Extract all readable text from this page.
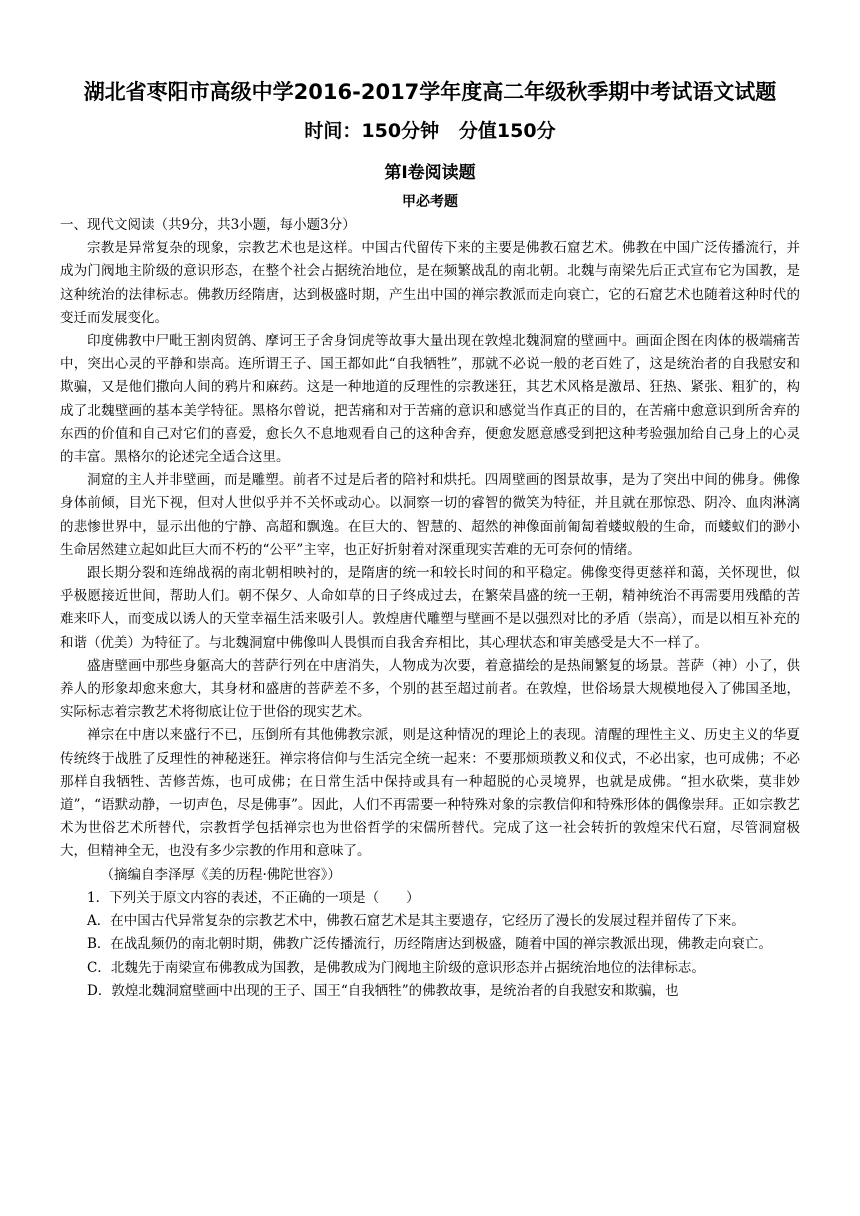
湖北省枣阳市高级中学2016-2017学年度高二年级秋季期中考试语文试题
时间：150分钟   分值150分
第Ⅰ卷阅读题
甲必考题

一、现代文阅读（共9分，共3小题，每小题3分）

宗教是异常复杂的现象，宗教艺术也是这样。中国古代留传下来的主要是佛教石窟艺术。佛教在中国广泛传播流行，并成为门阀地主阶级的意识形态，在整个社会占据统治地位，是在频繁战乱的南北朝。北魏与南梁先后正式宣布它为国教，是这种统治的法律标志。佛教历经隋唐，达到极盛时期，产生出中国的禅宗教派而走向衰亡，它的石窟艺术也随着这种时代的变迁而发展变化。

印度佛教中尸毗王割肉贸鸽、摩诃王子舍身饲虎等故事大量出现在敦煌北魏洞窟的壁画中。画面企图在肉体的极端痛苦中，突出心灵的平静和崇高。连所谓王子、国王都如此“自我牺牲”，那就不必说一般的老百姓了，这是统治者的自我慰安和欺骗，又是他们撒向人间的鸦片和麻药。这是一种地道的反理性的宗教迷狂，其艺术风格是激昂、狂热、紧张、粗犷的，构成了北魏壁画的基本美学特征。黑格尔曾说，把苦痛和对于苦痛的意识和感觉当作真正的目的，在苦痛中愈意识到所舍弃的东西的价值和自己对它们的喜爱，愈长久不息地观看自己的这种舍弃，便愈发愿意感受到把这种考验强加给自己身上的心灵的丰富。黑格尔的论述完全适合这里。

洞窟的主人并非壁画，而是雕塑。前者不过是后者的陪衬和烘托。四周壁画的图景故事，是为了突出中间的佛身。佛像身体前倾，目光下视，但对人世似乎并不关怀或动心。以洞察一切的睿智的微笑为特征，并且就在那惊恐、阴冷、血肉淋漓的悲惨世界中，显示出他的宁静、高超和飘逸。在巨大的、智慧的、超然的神像面前匍匐着蝼蚁般的生命，而蝼蚁们的渺小生命居然建立起如此巨大而不朽的“公平”主宰，也正好折射着对深重现实苦难的无可奈何的情绪。

跟长期分裂和连绵战祸的南北朝相映衬的，是隋唐的统一和较长时间的和平稳定。佛像变得更慈祥和蔼，关怀现世，似乎极愿接近世间，帮助人们。朝不保夕、人命如草的日子终成过去，在繁荣昌盛的统一王朝，精神统治不再需要用残酷的苦难来吓人，而变成以诱人的天堂幸福生活来吸引人。敦煌唐代雕塑与壁画不是以强烈对比的矛盾（崇高），而是以相互补充的和谐（优美）为特征了。与北魏洞窟中佛像叫人畏惧而自我舍弃相比，其心理状态和审美感受是大不一样了。

盛唐壁画中那些身躯高大的菩萨行列在中唐消失，人物成为次要，着意描绘的是热闹繁复的场景。菩萨（神）小了，供养人的形象却愈来愈大，其身材和盛唐的菩萨差不多，个别的甚至超过前者。在敦煌，世俗场景大规模地侵入了佛国圣地，实际标志着宗教艺术将彻底让位于世俗的现实艺术。

禅宗在中唐以来盛行不已，压倒所有其他佛教宗派，则是这种情况的理论上的表现。清醒的理性主义、历史主义的华夏传统终于战胜了反理性的神秘迷狂。禅宗将信仰与生活完全统一起来：不要那烦琐教义和仪式，不必出家，也可成佛；不必那样自我牺牲、苦修苦炼，也可成佛；在日常生活中保持或具有一种超脱的心灵境界，也就是成佛。“担水砍柴，莫非妙道”，“语默动静，一切声色，尽是佛事”。因此，人们不再需要一种特殊对象的宗教信仰和特殊形体的偶像崇拜。正如宗教艺术为世俗艺术所替代，宗教哲学包括禅宗也为世俗哲学的宋儒所替代。完成了这一社会转折的敦煌宋代石窟，尽管洞窟极大，但精神全无，也没有多少宗教的作用和意味了。

（摘编自李泽厚《美的历程·佛陀世容》）

1．下列关于原文内容的表述，不正确的一项是（　　）

A．在中国古代异常复杂的宗教艺术中，佛教石窟艺术是其主要遗存，它经历了漫长的发展过程并留传了下来。

B．在战乱频仍的南北朝时期，佛教广泛传播流行，历经隋唐达到极盛，随着中国的禅宗教派出现，佛教走向衰亡。

C．北魏先于南梁宣布佛教成为国教，是佛教成为门阀地主阶级的意识形态并占据统治地位的法律标志。

D．敦煌北魏洞窟壁画中出现的王子、国王“自我牺牲”的佛教故事，是统治者的自我慰安和欺骗，也
